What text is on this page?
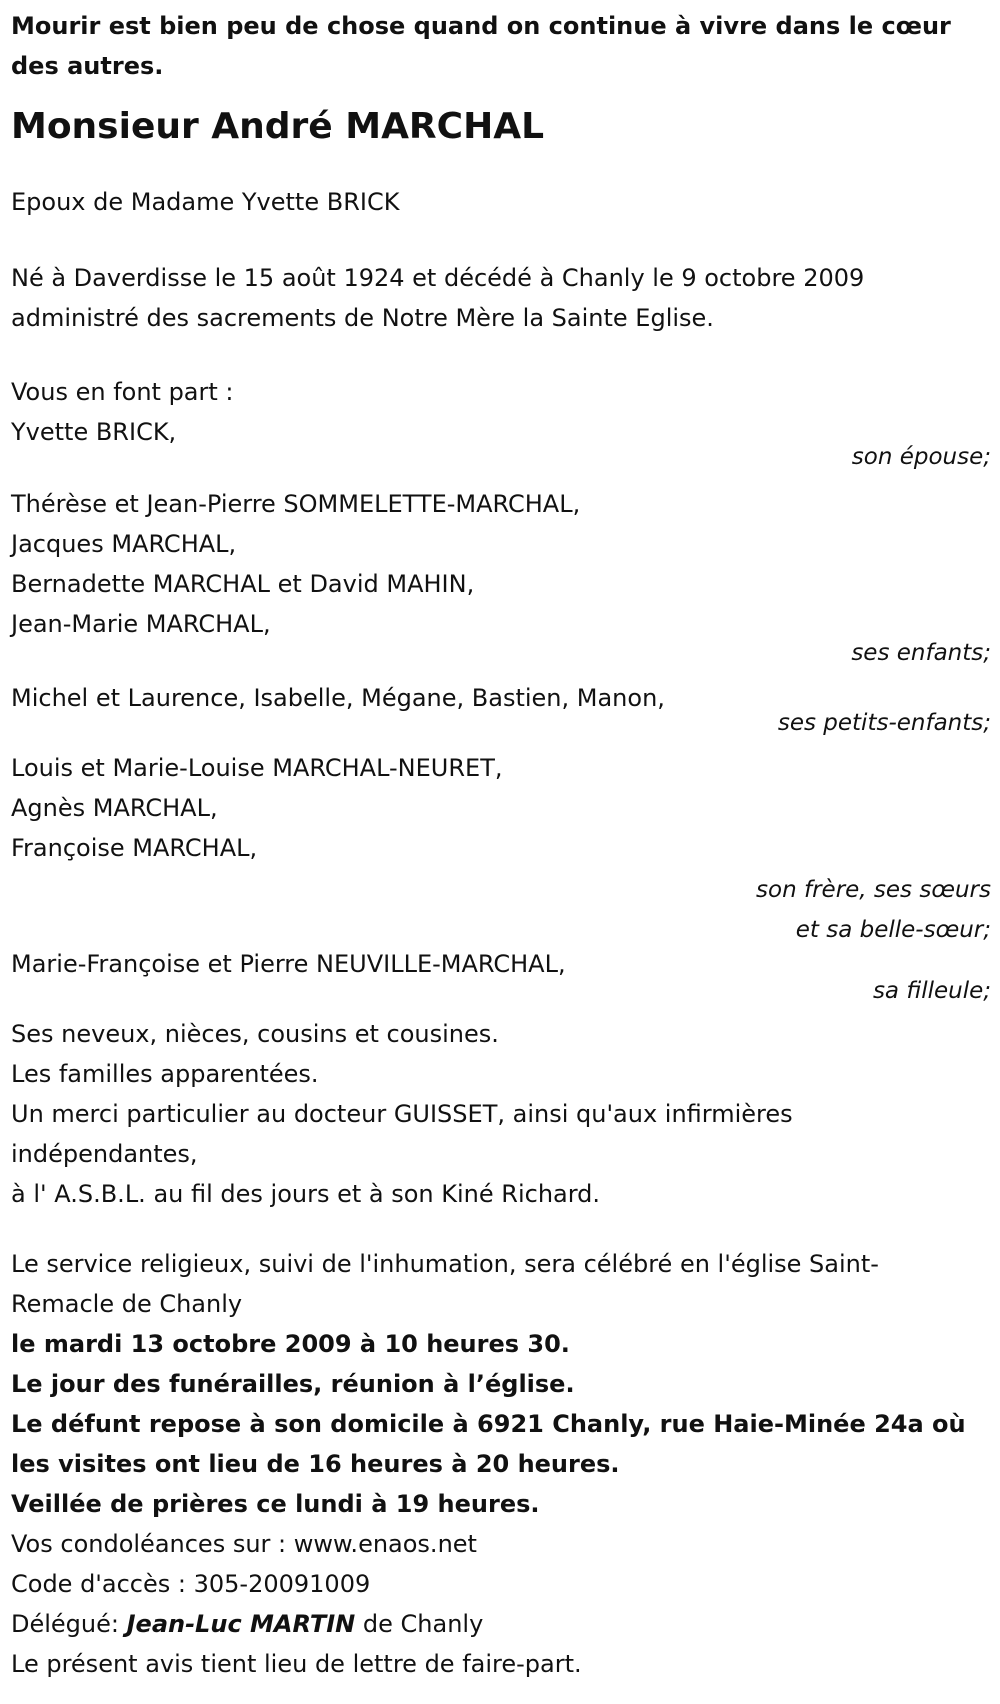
Mourir est bien peu de chose quand on continue à vivre dans le cœur
des autres.
Monsieur André MARCHAL
Epoux de Madame Yvette BRICK
Né à Daverdisse le 15 août 1924 et décédé à Chanly le 9 octobre 2009
administré des sacrements de Notre Mère la Sainte Eglise.
Vous en font part :
Yvette BRICK,
son épouse;
Thérèse et Jean-Pierre SOMMELETTE-MARCHAL,
Jacques MARCHAL,
Bernadette MARCHAL et David MAHIN,
Jean-Marie MARCHAL,
ses enfants;
Michel et Laurence, Isabelle, Mégane, Bastien, Manon,
ses petits-enfants;
Louis et Marie-Louise MARCHAL-NEURET,
Agnès MARCHAL,
Françoise MARCHAL,
son frère, ses sœurs
et sa belle-sœur;
Marie-Françoise et Pierre NEUVILLE-MARCHAL,
sa filleule;
Ses neveux, nièces, cousins et cousines.
Les familles apparentées.
Un merci particulier au docteur GUISSET, ainsi qu'aux infirmières
indépendantes,
à l' A.S.B.L. au fil des jours et à son Kiné Richard.
Le service religieux, suivi de l'inhumation, sera célébré en l'église Saint-
Remacle de Chanly
le mardi 13 octobre 2009 à 10 heures 30.
Le jour des funérailles, réunion à l’église.
Le défunt repose à son domicile à 6921 Chanly, rue Haie-Minée 24a où
les visites ont lieu de 16 heures à 20 heures.
Veillée de prières ce lundi à 19 heures.
Vos condoléances sur : www.enaos.net
Code d'accès : 305-20091009
Délégué: Jean-Luc MARTIN de Chanly
Le présent avis tient lieu de lettre de faire-part.
